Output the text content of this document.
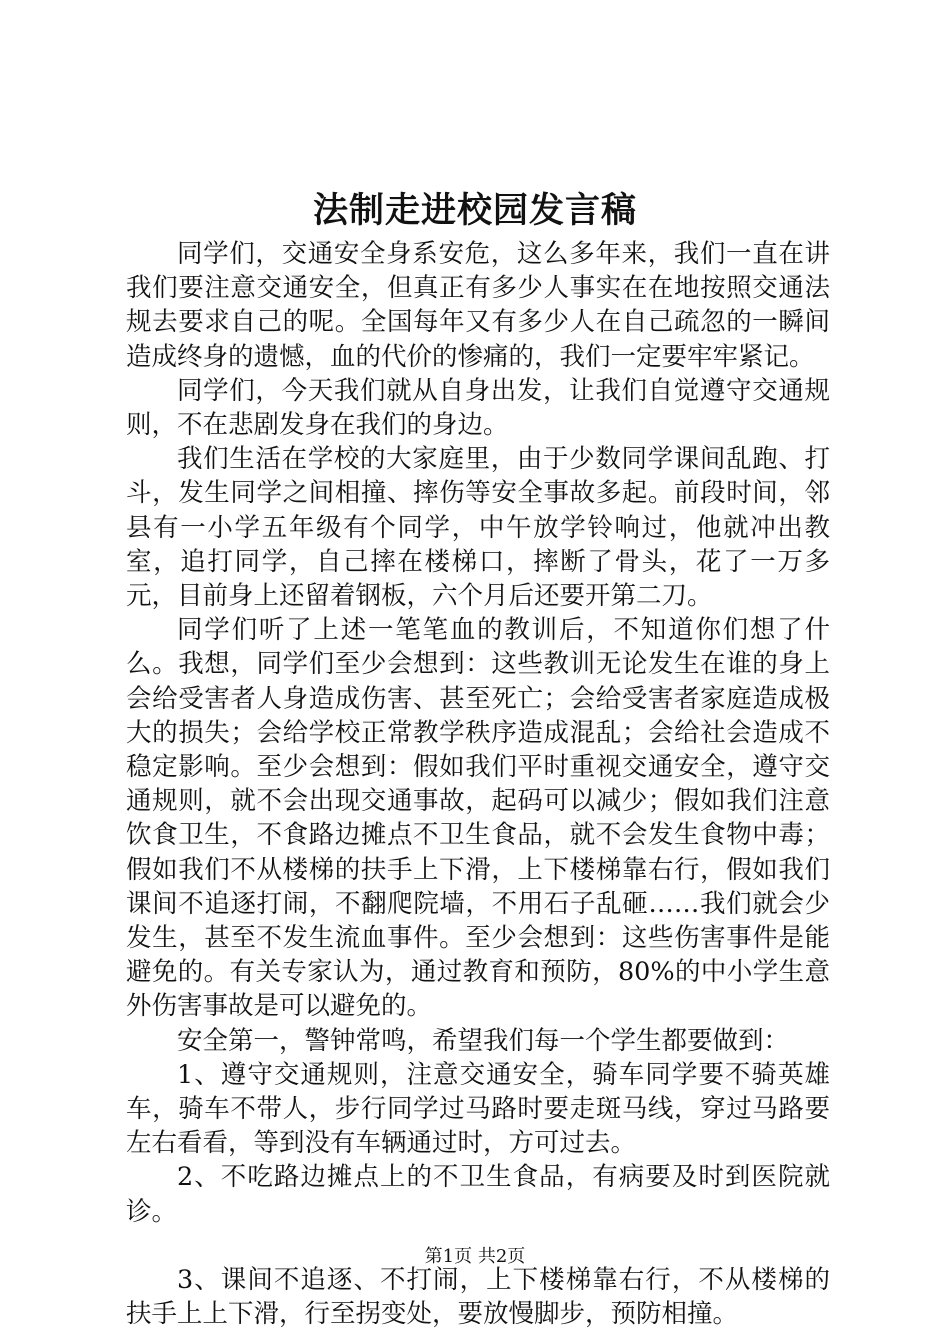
法制走进校园发言稿

同学们，交通安全身系安危，这么多年来，我们一直在讲我们要注意交通安全，但真正有多少人事实在在地按照交通法规去要求自己的呢。全国每年又有多少人在自己疏忽的一瞬间造成终身的遗憾，血的代价的惨痛的，我们一定要牢牢紧记。

同学们，今天我们就从自身出发，让我们自觉遵守交通规则，不在悲剧发身在我们的身边。

我们生活在学校的大家庭里，由于少数同学课间乱跑、打斗，发生同学之间相撞、摔伤等安全事故多起。前段时间，邻县有一小学五年级有个同学，中午放学铃响过，他就冲出教室，追打同学，自己摔在楼梯口，摔断了骨头，花了一万多元，目前身上还留着钢板，六个月后还要开第二刀。

同学们听了上述一笔笔血的教训后，不知道你们想了什么。我想，同学们至少会想到：这些教训无论发生在谁的身上会给受害者人身造成伤害、甚至死亡；会给受害者家庭造成极大的损失；会给学校正常教学秩序造成混乱；会给社会造成不稳定影响。至少会想到：假如我们平时重视交通安全，遵守交通规则，就不会出现交通事故，起码可以减少；假如我们注意饮食卫生，不食路边摊点不卫生食品，就不会发生食物中毒；假如我们不从楼梯的扶手上下滑，上下楼梯靠右行，假如我们课间不追逐打闹，不翻爬院墙，不用石子乱砸……我们就会少发生，甚至不发生流血事件。至少会想到：这些伤害事件是能避免的。有关专家认为，通过教育和预防，80%的中小学生意外伤害事故是可以避免的。

安全第一，警钟常鸣，希望我们每一个学生都要做到：

1、遵守交通规则，注意交通安全，骑车同学要不骑英雄车，骑车不带人，步行同学过马路时要走斑马线，穿过马路要左右看看，等到没有车辆通过时，方可过去。

2、不吃路边摊点上的不卫生食品，有病要及时到医院就诊。

3、课间不追逐、不打闹，上下楼梯靠右行，不从楼梯的扶手上上下滑，行至拐变处，要放慢脚步，预防相撞。

第1页 共2页
